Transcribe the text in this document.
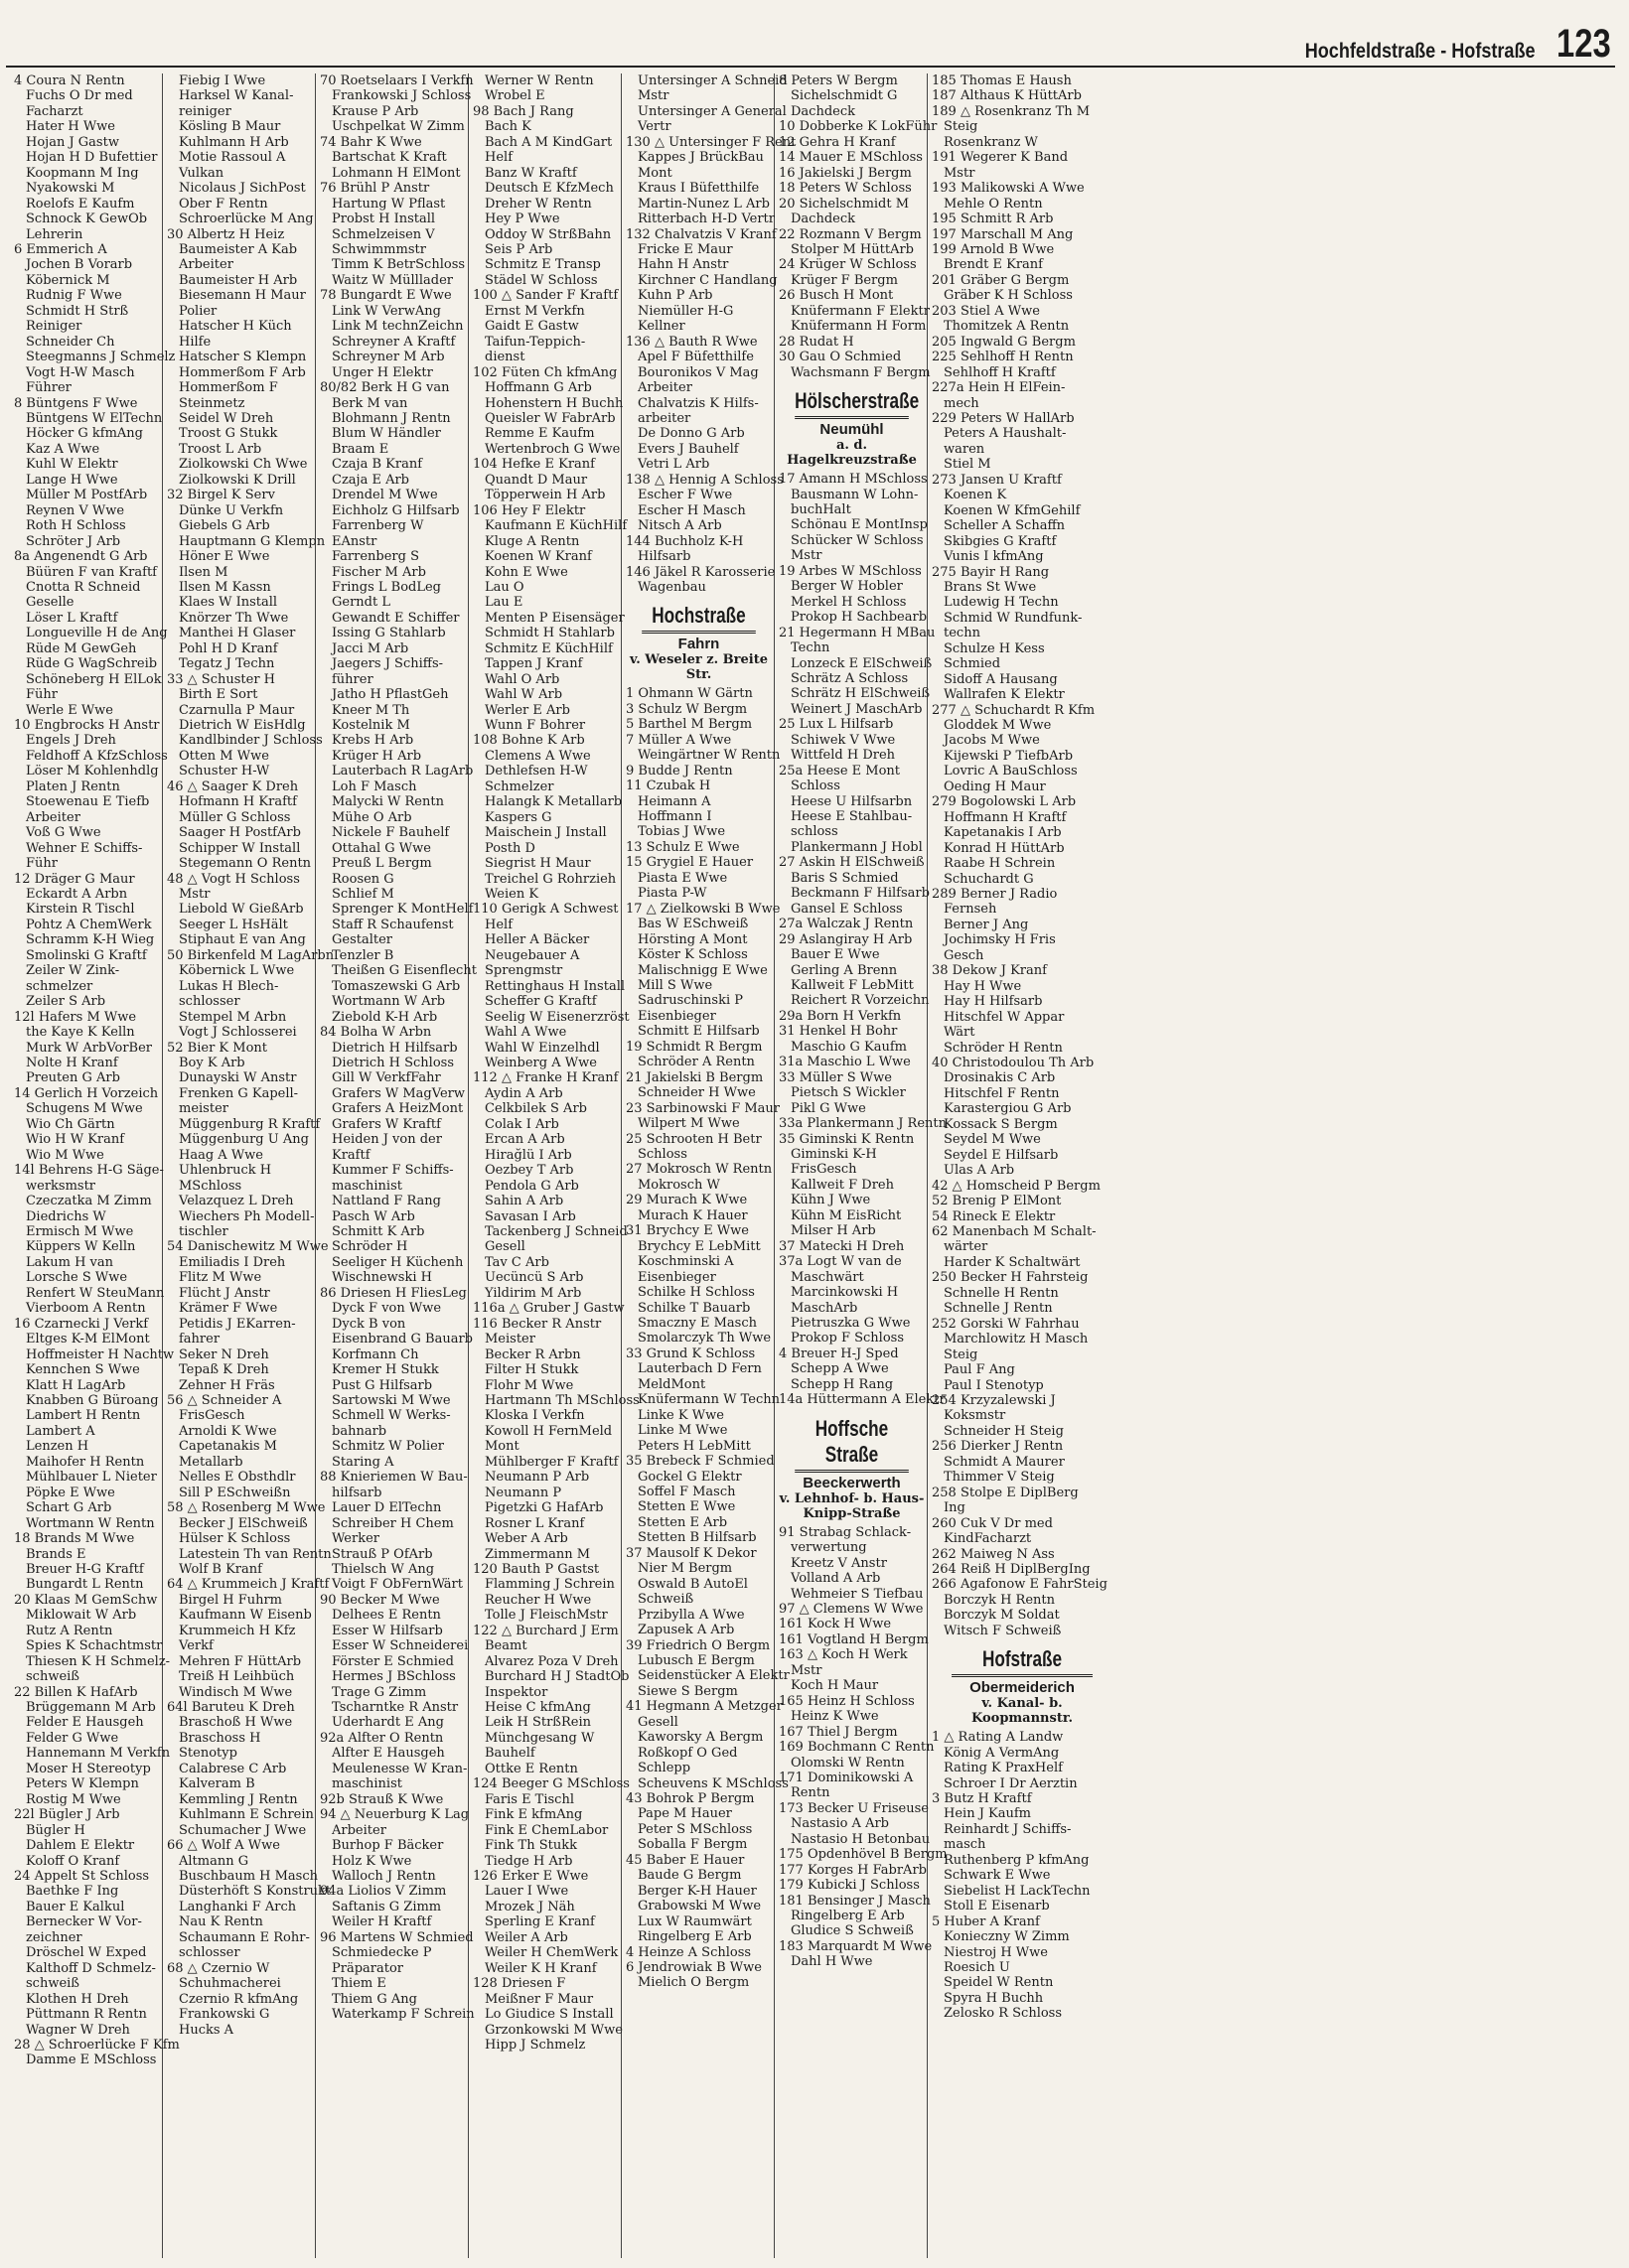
Hochfeldstraße - Hofstraße 123
4 Coura N Rentn
Fuchs O Dr med
Facharzt
Hater H Wwe
Hojan J Gastw
Hojan H D Bufettier
Koopmann M Ing
Nyakowski M
Roelofs E Kaufm
Schnock K GewOb
Lehrerin
6 Emmerich A
Jochen B Vorarb
Köbernick M
Rudnig F Wwe
Schmidt H Strß
Reiniger
Schneider Ch
Steegmanns J Schmelz
Vogt H-W Masch
Führer
8 Büntgens F Wwe
Büntgens W ElTechn
Höcker G kfmAng
Kaz A Wwe
Kuhl W Elektr
Lange H Wwe
Müller M PostfArb
Reynen V Wwe
Roth H Schloss
Schröter J Arb
8a Angenendt G Arb
Büüren F van Kraftf
Cnotta R Schneid
Geselle
Löser L Kraftf
Longueville H de Ang
Rüde M GewGeh
Rüde G WagSchreib
Schöneberg H ElLok
Führ
Werle E Wwe
10 Engbrocks H Anstr
Engels J Dreh
Feldhoff A KfzSchloss
Löser M Kohlenhdlg
Platen J Rentn
Stoewenau E Tiefb
Arbeiter
Voß G Wwe
Wehner E Schiffs-
Führ
12 Dräger G Maur
Eckardt A Arbn
Kirstein R Tischl
Pohtz A ChemWerk
Schramm K-H Wieg
Smolinski G Kraftf
Zeiler W Zink-
schmelzer
Zeiler S Arb
12l Hafers M Wwe
the Kaye K Kelln
Murk W ArbVorBer
Nolte H Kranf
Preuten G Arb
14 Gerlich H Vorzeich
Schugens M Wwe
Wio Ch Gärtn
Wio H W Kranf
Wio M Wwe
14l Behrens H-G Säge-
werksmstr
Czeczatka M Zimm
Diedrichs W
Ermisch M Wwe
Küppers W Kelln
Lakum H van
Lorsche S Wwe
Renfert W SteuMann
Vierboom A Rentn
16 Czarnecki J Verkf
Eltges K-M ElMont
Hoffmeister H Nachtw
Kennchen S Wwe
Klatt H LagArb
Knabben G Büroang
Lambert H Rentn
Lambert A
Lenzen H
Maihofer H Rentn
Mühlbauer L Nieter
Pöpke E Wwe
Schart G Arb
Wortmann W Rentn
18 Brands M Wwe
Brands E
Breuer H-G Kraftf
Bungardt L Rentn
20 Klaas M GemSchw
Miklowait W Arb
Rutz A Rentn
Spies K Schachtmstr
Thiesen K H Schmelz-
schweiß
22 Billen K HafArb
Brüggemann M Arb
Felder E Hausgeh
Felder G Wwe
Hannemann M Verkfn
Moser H Stereotyp
Peters W Klempn
Rostig M Wwe
22l Bügler J Arb
Bügler H
Dahlem E Elektr
Koloff O Kranf
24 Appelt St Schloss
Baethke F Ing
Bauer E Kalkul
Bernecker W Vor-
zeichner
Dröschel W Exped
Kalthoff D Schmelz-
schweiß
Klothen H Dreh
Püttmann R Rentn
Wagner W Dreh
28 △ Schroerlücke F Kfm
Damme E MSchloss
Fiebig I Wwe
Harksel W Kanal-
reiniger
Kösling B Maur
Kuhlmann H Arb
Motie Rassoul A
Vulkan
Nicolaus J SichPost
Ober F Rentn
Schroerlücke M Ang
30 Albertz H Heiz
Baumeister A Kab
Arbeiter
Baumeister H Arb
Biesemann H Maur
Polier
Hatscher H Küch
Hilfe
Hatscher S Klempn
Hommerßom F Arb
Hommerßom F
Steinmetz
Seidel W Dreh
Troost G Stukk
Troost L Arb
Ziolkowski Ch Wwe
Ziolkowski K Drill
32 Birgel K Serv
Dünke U Verkfn
Giebels G Arb
Hauptmann G Klempn
Höner E Wwe
Ilsen M
Ilsen M Kassn
Klaes W Install
Knörzer Th Wwe
Manthei H Glaser
Pohl H D Kranf
Tegatz J Techn
33 △ Schuster H
Birth E Sort
Czarnulla P Maur
Dietrich W EisHdlg
Kandlbinder J Schloss
Otten M Wwe
Schuster H-W
46 △ Saager K Dreh
Hofmann H Kraftf
Müller G Schloss
Saager H PostfArb
Schipper W Install
Stegemann O Rentn
48 △ Vogt H Schloss
Mstr
Liebold W GießArb
Seeger L HsHält
Stiphaut E van Ang
50 Birkenfeld M LagArbn
Köbernick L Wwe
Lukas H Blech-
schlosser
Stempel M Arbn
Vogt J Schlosserei
52 Bier K Mont
Boy K Arb
Dunayski W Anstr
Frenken G Kapell-
meister
Müggenburg R Kraftf
Müggenburg U Ang
Haag A Wwe
Uhlenbruck H
MSchloss
Velazquez L Dreh
Wiechers Ph Modell-
tischler
54 Danischewitz M Wwe
Emiliadis I Dreh
Flitz M Wwe
Flücht J Anstr
Krämer F Wwe
Petidis J EKarren-
fahrer
Seker N Dreh
Tepaß K Dreh
Zehner H Fräs
56 △ Schneider A
FrisGesch
Arnoldi K Wwe
Capetanakis M
Metallarb
Nelles E Obsthdlr
Sill P ESchweißn
58 △ Rosenberg M Wwe
Becker J ElSchweiß
Hülser K Schloss
Latestein Th van Rentn
Wolf B Kranf
64 △ Krummeich J Kraftf
Birgel H Fuhrm
Kaufmann W Eisenb
Krummeich H Kfz
Verkf
Mehren F HüttArb
Treiß H Leihbüch
Windisch M Wwe
64l Baruteu K Dreh
Braschoß H Wwe
Braschoss H
Stenotyp
Calabrese C Arb
Kalveram B
Kemmling J Rentn
Kuhlmann E Schrein
Schumacher J Wwe
66 △ Wolf A Wwe
Altmann G
Buschbaum H Masch
Düsterhöft S Konstrukt
Langhanki F Arch
Nau K Rentn
Schaumann E Rohr-
schlosser
68 △ Czernio W
Schuhmacherei
Czernio R kfmAng
Frankowski G
Hucks A
70 Roetselaars I Verkfn
Frankowski J Schloss
Krause P Arb
Uschpelkat W Zimm
74 Bahr K Wwe
Bartschat K Kraft
Lohmann H ElMont
76 Brühl P Anstr
Hartung W Pflast
Probst H Install
Schmelzeisen V
Schwimmmstr
Timm K BetrSchloss
Waitz W Mülllader
78 Bungardt E Wwe
Link W VerwAng
Link M technZeichn
Schreyner A Kraftf
Schreyner M Arb
Unger H Elektr
80/82 Berk H G van
Berk M van
Blohmann J Rentn
Blum W Händler
Braam E
Czaja B Kranf
Czaja E Arb
Drendel M Wwe
Eichholz G Hilfsarb
Farrenberg W
EAnstr
Farrenberg S
Fischer M Arb
Frings L BodLeg
Gerndt L
Gewandt E Schiffer
Issing G Stahlarb
Jacci M Arb
Jaegers J Schiffs-
führer
Jatho H PflastGeh
Kneer M Th
Kostelnik M
Krebs H Arb
Krüger H Arb
Lauterbach R LagArb
Loh F Masch
Malycki W Rentn
Mühe O Arb
Nickele F Bauhelf
Ottahal G Wwe
Preuß L Bergm
Roosen G
Schlief M
Sprenger K MontHelf
Staff R Schaufenst
Gestalter
Tenzler B
Theißen G Eisenflecht
Tomaszewski G Arb
Wortmann W Arb
Ziebold K-H Arb
84 Bolha W Arbn
Dietrich H Hilfsarb
Dietrich H Schloss
Gill W VerkfFahr
Grafers W MagVerw
Grafers A HeizMont
Grafers W Kraftf
Heiden J von der
Kraftf
Kummer F Schiffs-
maschinist
Nattland F Rang
Pasch W Arb
Schmitt K Arb
Schröder H
Seeliger H Küchenh
Wischnewski H
86 Driesen H FliesLeg
Dyck F von Wwe
Dyck B von
Eisenbrand G Bauarb
Korfmann Ch
Kremer H Stukk
Pust G Hilfsarb
Sartowski M Wwe
Schmell W Werks-
bahnarb
Schmitz W Polier
Staring A
88 Knieriemen W Bau-
hilfsarb
Lauer D ElTechn
Schreiber H Chem
Werker
Strauß P OfArb
Thielsch W Ang
Voigt F ObFernWärt
90 Becker M Wwe
Delhees E Rentn
Esser W Hilfsarb
Esser W Schneiderei
Förster E Schmied
Hermes J BSchloss
Trage G Zimm
Tscharntke R Anstr
Uderhardt E Ang
92a Alfter O Rentn
Alfter E Hausgeh
Meulenesse W Kran-
maschinist
92b Strauß K Wwe
94 △ Neuerburg K Lag
Arbeiter
Burhop F Bäcker
Holz K Wwe
Walloch J Rentn
94a Liolios V Zimm
Saftanis G Zimm
Weiler H Kraftf
96 Martens W Schmied
Schmiedecke P
Präparator
Thiem E
Thiem G Ang
Waterkamp F Schrein
Werner W Rentn
Wrobel E
98 Bach J Rang
Bach K
Bach A M KindGart
Helf
Banz W Kraftf
Deutsch E KfzMech
Dreher W Rentn
Hey P Wwe
Oddoy W StrßBahn
Seis P Arb
Schmitz E Transp
Städel W Schloss
100 △ Sander F Kraftf
Ernst M Verkfn
Gaidt E Gastw
Taifun-Teppich-
dienst
102 Füten Ch kfmAng
Hoffmann G Arb
Hohenstern H Buchh
Queisler W FabrArb
Remme E Kaufm
Wertenbroch G Wwe
104 Hefke E Kranf
Quandt D Maur
Töpperwein H Arb
106 Hey F Elektr
Kaufmann E KüchHilf
Kluge A Rentn
Koenen W Kranf
Kohn E Wwe
Lau O
Lau E
Menten P Eisensäger
Schmidt H Stahlarb
Schmitz E KüchHilf
Tappen J Kranf
Wahl O Arb
Wahl W Arb
Werler E Arb
Wunn F Bohrer
108 Bohne K Arb
Clemens A Wwe
Dethlefsen H-W
Schmelzer
Halangk K Metallarb
Kaspers G
Maischein J Install
Posth D
Siegrist H Maur
Treichel G Rohrzieh
Weien K
110 Gerigk A Schwest
Helf
Heller A Bäcker
Neugebauer A
Sprengmstr
Rettinghaus H Install
Scheffer G Kraftf
Seelig W Eisenerzröst
Wahl A Wwe
Wahl W Einzelhdl
Weinberg A Wwe
112 △ Franke H Kranf
Aydin A Arb
Celkbilek S Arb
Colak I Arb
Ercan A Arb
Hirağlü I Arb
Oezbey T Arb
Pendola G Arb
Sahin A Arb
Savasan I Arb
Tackenberg J Schneid
Gesell
Tav C Arb
Uecüncü S Arb
Yildirim M Arb
116a △ Gruber J Gastw
116 Becker R Anstr
Meister
Becker R Arbn
Filter H Stukk
Flohr M Wwe
Hartmann Th MSchloss
Kloska I Verkfn
Kowoll H FernMeld
Mont
Mühlberger F Kraftf
Neumann P Arb
Neumann P
Pigetzki G HafArb
Rosner L Kranf
Weber A Arb
Zimmermann M
120 Bauth P Gastst
Flamming J Schrein
Reucher H Wwe
Tolle J FleischMstr
122 △ Burchard J Erm
Beamt
Alvarez Poza V Dreh
Burchard H J StadtOb
Inspektor
Heise C kfmAng
Leik H StrßRein
Münchgesang W
Bauhelf
Ottke E Rentn
124 Beeger G MSchloss
Faris E Tischl
Fink E kfmAng
Fink E ChemLabor
Fink Th Stukk
Tiedge H Arb
126 Erker E Wwe
Lauer I Wwe
Mrozek J Näh
Sperling E Kranf
Weiler A Arb
Weiler H ChemWerk
Weiler K H Kranf
128 Driesen F
Meißner F Maur
Lo Giudice S Install
Grzonkowski M Wwe
Hipp J Schmelz
Untersinger A Schneid
Mstr
Untersinger A General
Vertr
130 △ Untersinger F Rent
Kappes J BrückBau
Mont
Kraus I Büfetthilfe
Martin-Nunez L Arb
Ritterbach H-D Vertr
132 Chalvatzis V Kranf
Fricke E Maur
Hahn H Anstr
Kirchner C Handlang
Kuhn P Arb
Niemüller H-G
Kellner
136 △ Bauth R Wwe
Apel F Büfetthilfe
Bouronikos V Mag
Arbeiter
Chalvatzis K Hilfs-
arbeiter
De Donno G Arb
Evers J Bauhelf
Vetri L Arb
138 △ Hennig A Schloss
Escher F Wwe
Escher H Masch
Nitsch A Arb
144 Buchholz K-H
Hilfsarb
146 Jäkel R Karosserie
Wagenbau
Hochstraße
Fahrn
v. Weseler z. Breite Str.
1 Ohmann W Gärtn
3 Schulz W Bergm
5 Barthel M Bergm
7 Müller A Wwe
Weingärtner W Rentn
9 Budde J Rentn
11 Czubak H
Heimann A
Hoffmann I
Tobias J Wwe
13 Schulz E Wwe
15 Grygiel E Hauer
Piasta E Wwe
Piasta P-W
17 △ Zielkowski B Wwe
Bas W ESchweiß
Hörsting A Mont
Köster K Schloss
Malischnigg E Wwe
Mill S Wwe
Sadruschinski P
Eisenbieger
Schmitt E Hilfsarb
19 Schmidt R Bergm
Schröder A Rentn
21 Jakielski B Bergm
Schneider H Wwe
23 Sarbinowski F Maur
Wilpert M Wwe
25 Schrooten H Betr
Schloss
27 Mokrosch W Rentn
Mokrosch W
29 Murach K Wwe
Murach K Hauer
31 Brychcy E Wwe
Brychcy E LebMitt
Koschminski A
Eisenbieger
Schilke H Schloss
Schilke T Bauarb
Smaczny E Masch
Smolarczyk Th Wwe
33 Grund K Schloss
Lauterbach D Fern
MeldMont
Knüfermann W Techn
Linke K Wwe
Linke M Wwe
Peters H LebMitt
35 Brebeck F Schmied
Gockel G Elektr
Soffel F Masch
Stetten E Wwe
Stetten E Arb
Stetten B Hilfsarb
37 Mausolf K Dekor
Nier M Bergm
Oswald B AutoEl
Schweiß
Przibylla A Wwe
Zapusek A Arb
39 Friedrich O Bergm
Lubusch E Bergm
Seidenstücker A Elektr
Siewe S Bergm
41 Hegmann A Metzger
Gesell
Kaworsky A Bergm
Roßkopf O Ged
Schlepp
Scheuvens K MSchloss
43 Bohrok P Bergm
Pape M Hauer
Peter S MSchloss
Soballa F Bergm
45 Baber E Hauer
Baude G Bergm
Berger K-H Hauer
Grabowski M Wwe
Lux W Raumwärt
Ringelberg E Arb
4 Heinze A Schloss
6 Jendrowiak B Wwe
Mielich O Bergm
8 Peters W Bergm
Sichelschmidt G
Dachdeck
10 Dobberke K LokFühr
12 Gehra H Kranf
14 Mauer E MSchloss
16 Jakielski J Bergm
18 Peters W Schloss
20 Sichelschmidt M
Dachdeck
22 Rozmann V Bergm
Stolper M HüttArb
24 Krüger W Schloss
Krüger F Bergm
26 Busch H Mont
Knüfermann F Elektr
Knüfermann H Form
28 Rudat H
30 Gau O Schmied
Wachsmann F Bergm
Hölscherstraße
Neumühl
a. d. Hagelkreuzstraße
17 Amann H MSchloss
Bausmann W Lohn-
buchHalt
Schönau E MontInsp
Schücker W Schloss
Mstr
19 Arbes W MSchloss
Berger W Hobler
Merkel H Schloss
Prokop H Sachbearb
21 Hegermann H MBau
Techn
Lonzeck E ElSchweiß
Schrätz A Schloss
Schrätz H ElSchweiß
Weinert J MaschArb
25 Lux L Hilfsarb
Schiwek V Wwe
Wittfeld H Dreh
25a Heese E Mont
Schloss
Heese U Hilfsarbn
Heese E Stahlbau-
schloss
Plankermann J Hobl
27 Askin H ElSchweiß
Baris S Schmied
Beckmann F Hilfsarb
Gansel E Schloss
27a Walczak J Rentn
29 Aslangiray H Arb
Bauer E Wwe
Gerling A Brenn
Kallweit F LebMitt
Reichert R Vorzeichn
29a Born H Verkfn
31 Henkel H Bohr
Maschio G Kaufm
31a Maschio L Wwe
33 Müller S Wwe
Pietsch S Wickler
Pikl G Wwe
33a Plankermann J Rentn
35 Giminski K Rentn
Giminski K-H
FrisGesch
Kallweit F Dreh
Kühn J Wwe
Kühn M EisRicht
Milser H Arb
37 Matecki H Dreh
37a Logt W van de
Maschwärt
Marcinkowski H
MaschArb
Pietruszka G Wwe
Prokop F Schloss
4 Breuer H-J Sped
Schepp A Wwe
Schepp H Rang
14a Hüttermann A Elektr
Hoffsche Straße
Beeckerwerth
v. Lehnhof- b. Haus-Knipp-Straße
91 Strabag Schlack-
verwertung
Kreetz V Anstr
Volland A Arb
Wehmeier S Tiefbau
97 △ Clemens W Wwe
161 Kock H Wwe
161 Vogtland H Bergm
163 △ Koch H Werk
Mstr
Koch H Maur
165 Heinz H Schloss
Heinz K Wwe
167 Thiel J Bergm
169 Bochmann C Rentn
Olomski W Rentn
171 Dominikowski A
Rentn
173 Becker U Friseuse
Nastasio A Arb
Nastasio H Betonbau
175 Opdenhövel B Bergm
177 Korges H FabrArb
179 Kubicki J Schloss
181 Bensinger J Masch
Ringelberg E Arb
Gludice S Schweiß
183 Marquardt M Wwe
Dahl H Wwe
185 Thomas E Haush
187 Althaus K HüttArb
189 △ Rosenkranz Th M
Steig
Rosenkranz W
191 Wegerer K Band
Mstr
193 Malikowski A Wwe
Mehle O Rentn
195 Schmitt R Arb
197 Marschall M Ang
199 Arnold B Wwe
Brendt E Kranf
201 Gräber G Bergm
Gräber K H Schloss
203 Stiel A Wwe
Thomitzek A Rentn
205 Ingwald G Bergm
225 Sehlhoff H Rentn
Sehlhoff H Kraftf
227a Hein H ElFein-
mech
229 Peters W HallArb
Peters A Haushalt-
waren
Stiel M
273 Jansen U Kraftf
Koenen K
Koenen W KfmGehilf
Scheller A Schaffn
Skibgies G Kraftf
Vunis I kfmAng
275 Bayir H Rang
Brans St Wwe
Ludewig H Techn
Schmid W Rundfunk-
techn
Schulze H Kess
Schmied
Sidoff A Hausang
Wallrafen K Elektr
277 △ Schuchardt R Kfm
Gloddek M Wwe
Jacobs M Wwe
Kijewski P TiefbArb
Lovric A BauSchloss
Oeding H Maur
279 Bogolowski L Arb
Hoffmann H Kraftf
Kapetanakis I Arb
Konrad H HüttArb
Raabe H Schrein
Schuchardt G
289 Berner J Radio
Fernseh
Berner J Ang
Jochimsky H Fris
Gesch
38 Dekow J Kranf
Hay H Wwe
Hay H Hilfsarb
Hitschfel W Appar
Wärt
Schröder H Rentn
40 Christodoulou Th Arb
Drosinakis C Arb
Hitschfel F Rentn
Karastergiou G Arb
Kossack S Bergm
Seydel M Wwe
Seydel E Hilfsarb
Ulas A Arb
42 △ Homscheid P Bergm
52 Brenig P ElMont
54 Rineck E Elektr
62 Manenbach M Schalt-
wärter
Harder K Schaltwärt
250 Becker H Fahrsteig
Schnelle H Rentn
Schnelle J Rentn
252 Gorski W Fahrhau
Marchlowitz H Masch
Steig
Paul F Ang
Paul I Stenotyp
254 Krzyzalewski J
Koksmstr
Schneider H Steig
256 Dierker J Rentn
Schmidt A Maurer
Thimmer V Steig
258 Stolpe E DiplBerg
Ing
260 Cuk V Dr med
KindFacharzt
262 Maiweg N Ass
264 Reiß H DiplBergIng
266 Agafonow E FahrSteig
Borczyk H Rentn
Borczyk M Soldat
Witsch F Schweiß
Hofstraße
Obermeiderich
v. Kanal- b. Koopmannstr.
1 △ Rating A Landw
König A VermAng
Rating K PraxHelf
Schroer I Dr Aerztin
3 Butz H Kraftf
Hein J Kaufm
Reinhardt J Schiffs-
masch
Ruthenberg P kfmAng
Schwark E Wwe
Siebelist H LackTechn
Stoll E Eisenarb
5 Huber A Kranf
Konieczny W Zimm
Niestroj H Wwe
Roesich U
Speidel W Rentn
Spyra H Buchh
Zelosko R Schloss
